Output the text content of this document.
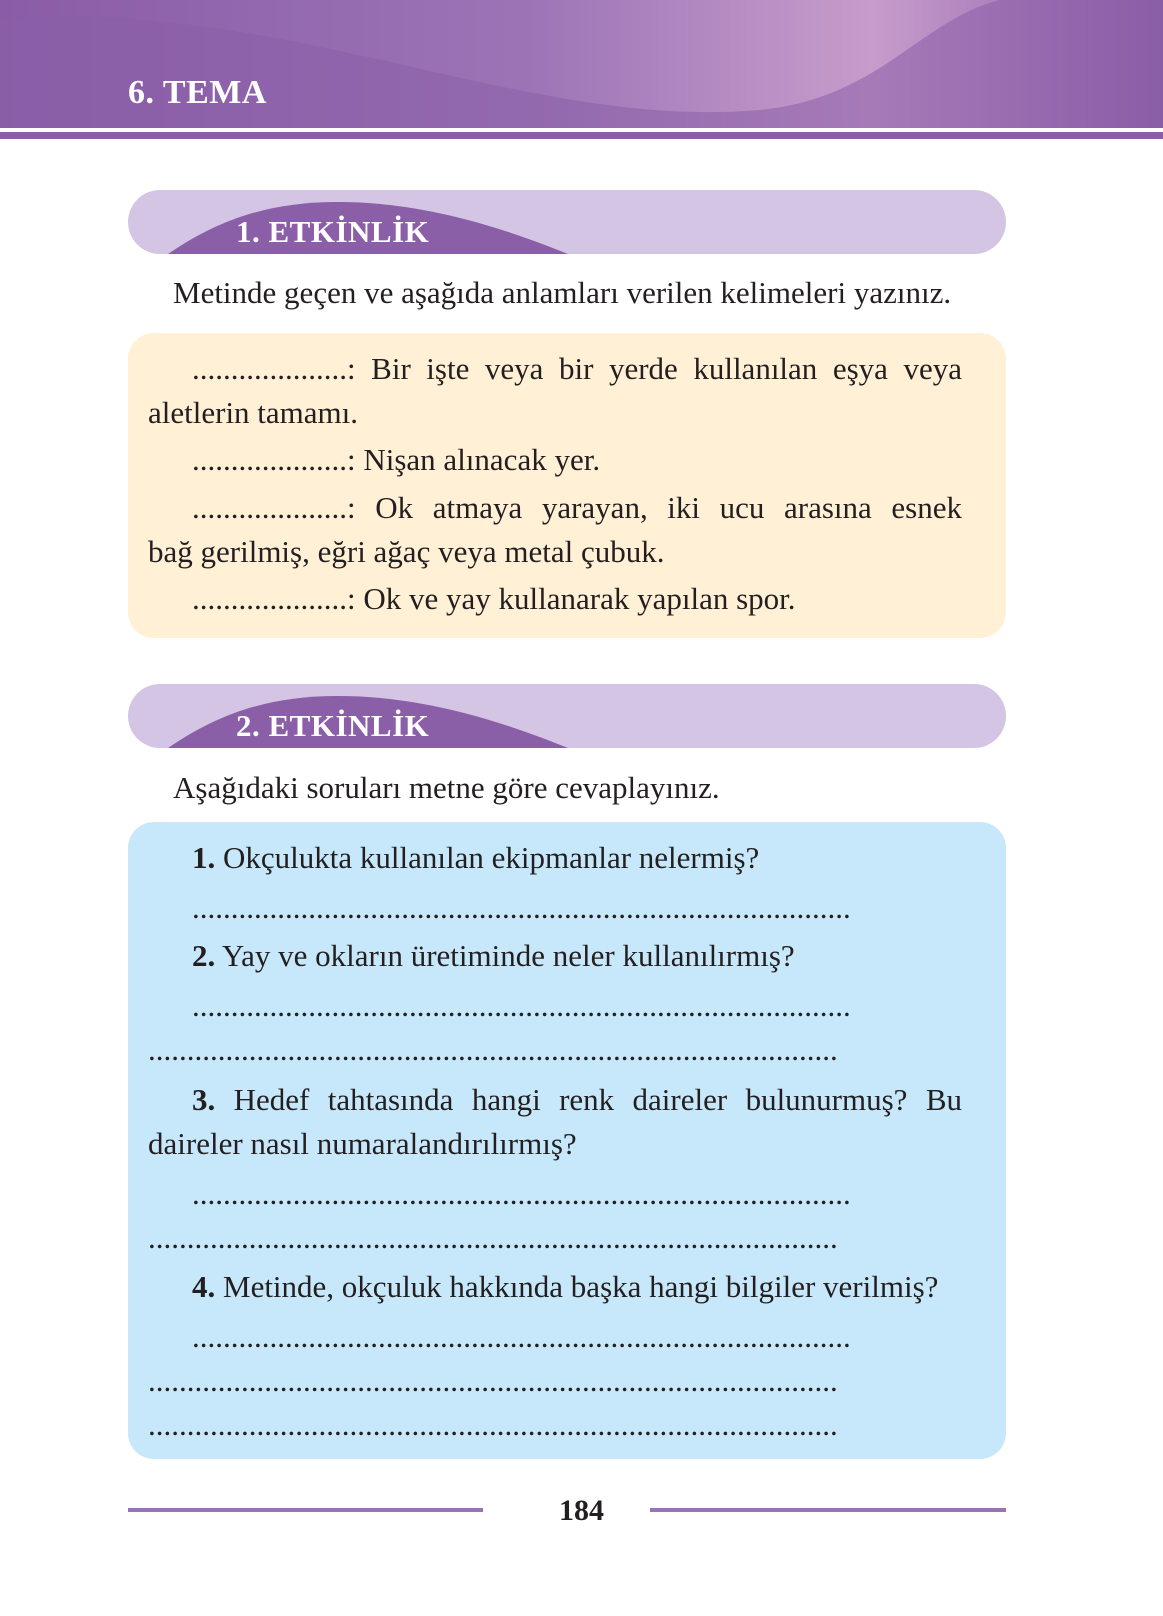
6. TEMA
1. ETKİNLİK
Metinde geçen ve aşağıda anlamları verilen kelimeleri yazınız.
....................: Bir işte veya bir yerde kullanılan eşya veya
aletlerin tamamı.
....................: Nişan alınacak yer.
....................: Ok atmaya yarayan, iki ucu arasına esnek
bağ gerilmiş, eğri ağaç veya metal çubuk.
....................: Ok ve yay kullanarak yapılan spor.
2. ETKİNLİK
Aşağıdaki soruları metne göre cevaplayınız.
1. Okçulukta kullanılan ekipmanlar nelermiş?
.....................................................................................
2. Yay ve okların üretiminde neler kullanılırmış?
.....................................................................................
.........................................................................................
3. Hedef tahtasında hangi renk daireler bulunurmuş? Bu
daireler nasıl numaralandırılırmış?
.....................................................................................
.........................................................................................
4. Metinde, okçuluk hakkında başka hangi bilgiler verilmiş?
.....................................................................................
.........................................................................................
.........................................................................................
184
